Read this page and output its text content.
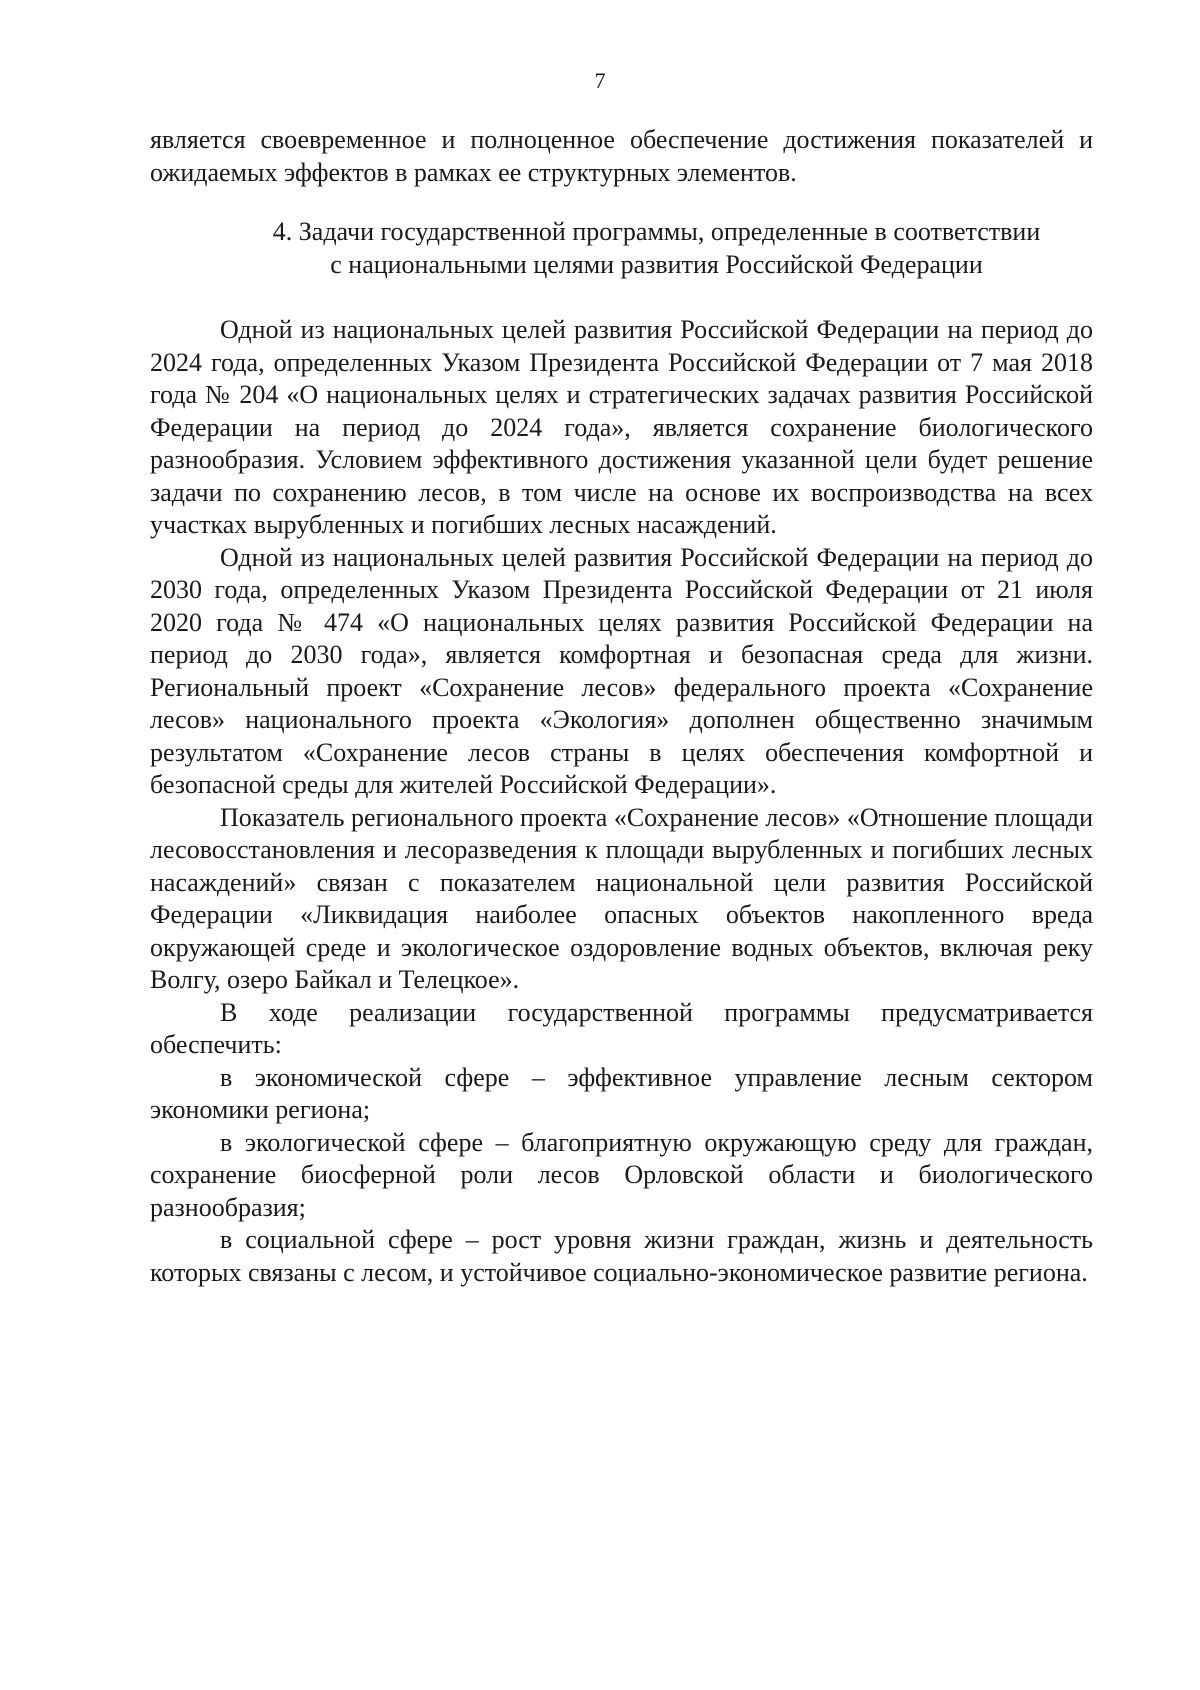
7

является своевременное и полноценное обеспечение достижения показателей и ожидаемых эффектов в рамках ее структурных элементов.

4. Задачи государственной программы, определенные в соответствии
с национальными целями развития Российской Федерации

Одной из национальных целей развития Российской Федерации на период до 2024 года, определенных Указом Президента Российской Федерации от 7 мая 2018 года № 204 «О национальных целях и стратегических задачах развития Российской Федерации на период до 2024 года», является сохранение биологического разнообразия. Условием эффективного достижения указанной цели будет решение задачи по сохранению лесов, в том числе на основе их воспроизводства на всех участках вырубленных и погибших лесных насаждений.

Одной из национальных целей развития Российской Федерации на период до 2030 года, определенных Указом Президента Российской Федерации от 21 июля 2020 года № 474 «О национальных целях развития Российской Федерации на период до 2030 года», является комфортная и безопасная среда для жизни. Региональный проект «Сохранение лесов» федерального проекта «Сохранение лесов» национального проекта «Экология» дополнен общественно значимым результатом «Сохранение лесов страны в целях обеспечения комфортной и безопасной среды для жителей Российской Федерации».

Показатель регионального проекта «Сохранение лесов» «Отношение площади лесовосстановления и лесоразведения к площади вырубленных и погибших лесных насаждений» связан с показателем национальной цели развития Российской Федерации «Ликвидация наиболее опасных объектов накопленного вреда окружающей среде и экологическое оздоровление водных объектов, включая реку Волгу, озеро Байкал и Телецкое».

В ходе реализации государственной программы предусматривается обеспечить:

в экономической сфере – эффективное управление лесным сектором экономики региона;

в экологической сфере – благоприятную окружающую среду для граждан, сохранение биосферной роли лесов Орловской области и биологического разнообразия;

в социальной сфере – рост уровня жизни граждан, жизнь и деятельность которых связаны с лесом, и устойчивое социально-экономическое развитие региона.
